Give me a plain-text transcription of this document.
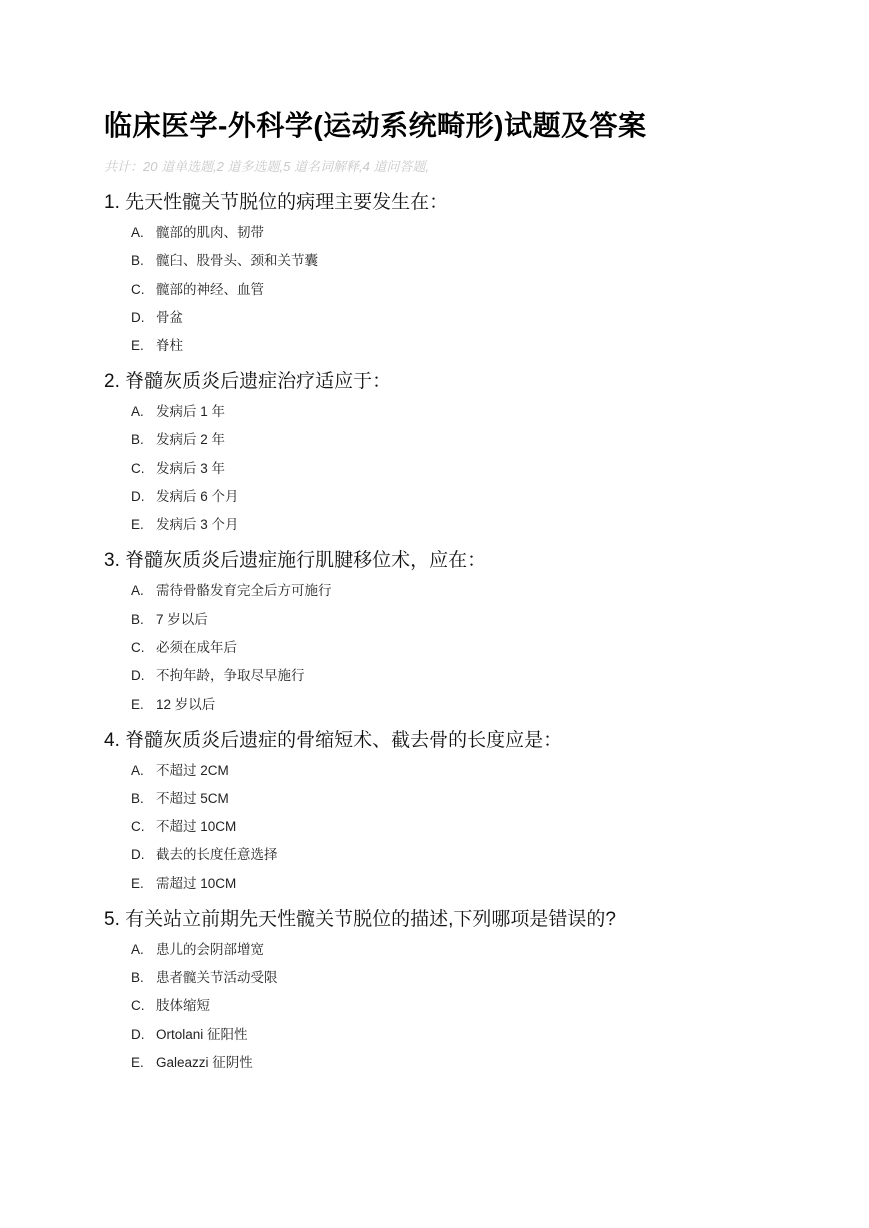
临床医学-外科学(运动系统畸形)试题及答案
共计：20 道单选题,2 道多选题,5 道名词解释,4 道问答题,

1. 先天性髋关节脱位的病理主要发生在：

A. 髋部的肌肉、韧带
B. 髋臼、股骨头、颈和关节囊
C. 髋部的神经、血管
D. 骨盆
E. 脊柱

2. 脊髓灰质炎后遗症治疗适应于：

A. 发病后 1 年
B. 发病后 2 年
C. 发病后 3 年
D. 发病后 6 个月
E. 发病后 3 个月

3. 脊髓灰质炎后遗症施行肌腱移位术，应在：

A. 需待骨骼发育完全后方可施行
B. 7 岁以后
C. 必须在成年后
D. 不拘年龄，争取尽早施行
E. 12 岁以后

4. 脊髓灰质炎后遗症的骨缩短术、截去骨的长度应是：

A. 不超过 2CM
B. 不超过 5CM
C. 不超过 10CM
D. 截去的长度任意选择
E. 需超过 10CM

5. 有关站立前期先天性髋关节脱位的描述,下列哪项是错误的?

A. 患儿的会阴部增宽
B. 患者髋关节活动受限
C. 肢体缩短
D. Ortolani 征阳性
E. Galeazzi 征阴性
